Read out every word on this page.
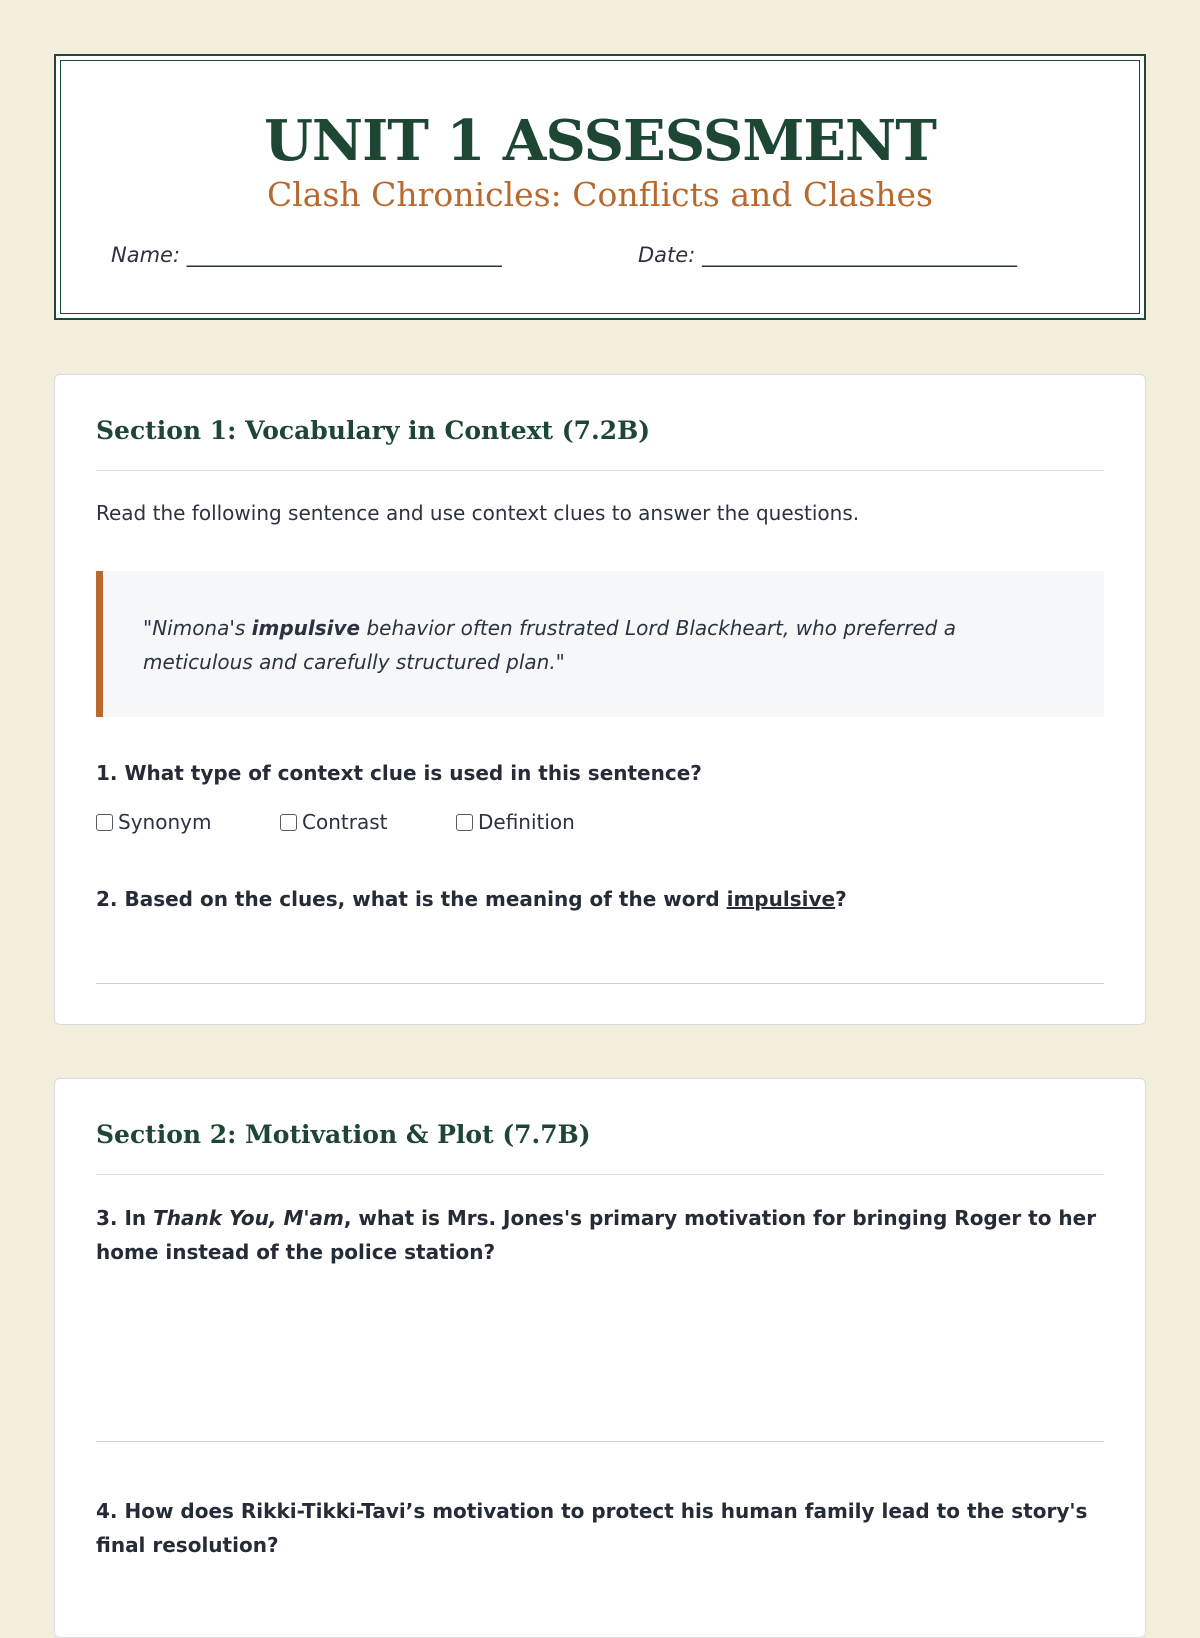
UNIT 1 ASSESSMENT
Clash Chronicles: Conflicts and Clashes
Name: ______________________________	Date: ______________________________
Section 1: Vocabulary in Context (7.2B)
Read the following sentence and use context clues to answer the questions.
"Nimona's impulsive behavior often frustrated Lord Blackheart, who preferred a meticulous and carefully structured plan."
1. What type of context clue is used in this sentence?
Synonym	Contrast	Definition
2. Based on the clues, what is the meaning of the word impulsive?
Section 2: Motivation & Plot (7.7B)
3. In Thank You, M'am, what is Mrs. Jones's primary motivation for bringing Roger to her home instead of the police station?
4. How does Rikki-Tikki-Tavi’s motivation to protect his human family lead to the story's final resolution?
